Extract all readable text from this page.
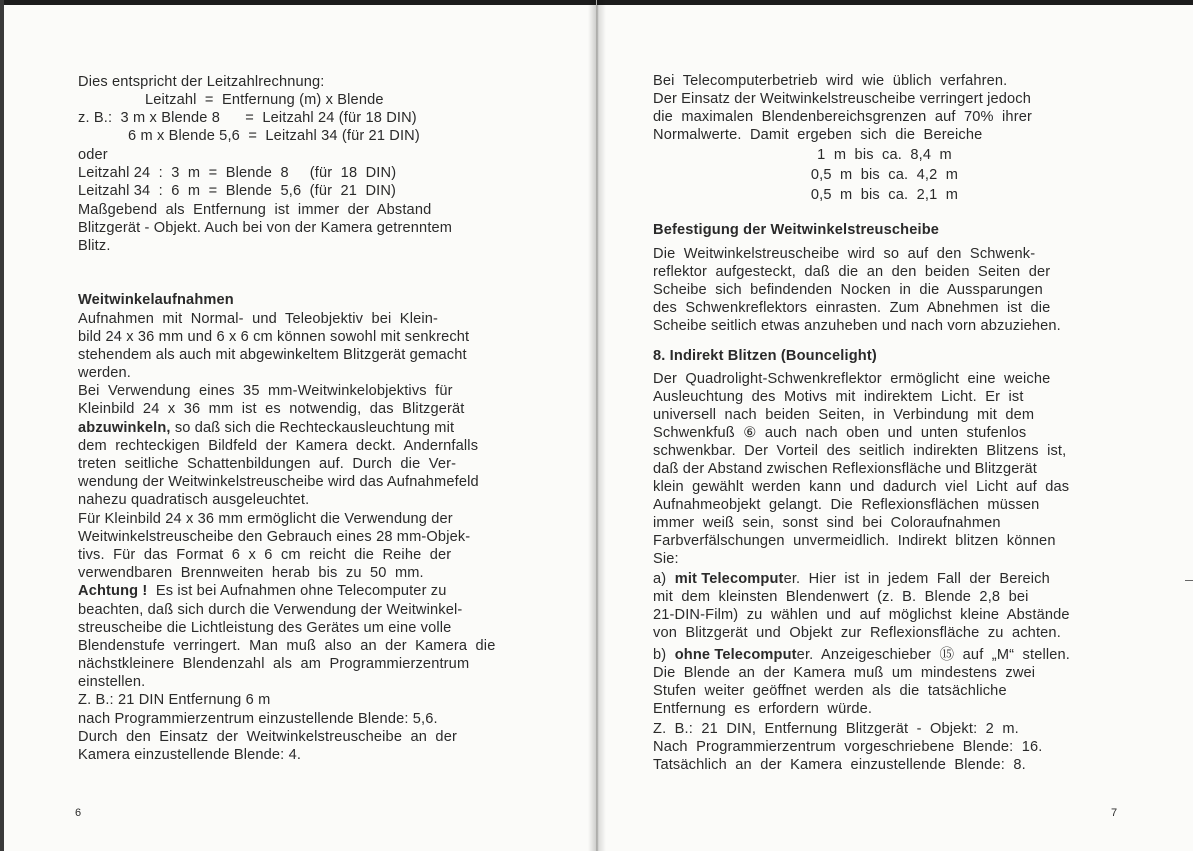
6
Dies entspricht der Leitzahlrechnung:
Leitzahl  =  Entfernung (m) x Blende
z. B.:  3 m x Blende 8      =  Leitzahl 24 (für 18 DIN)
6 m x Blende 5,6  =  Leitzahl 34 (für 21 DIN)
oder
Leitzahl 24  :  3  m  =  Blende  8     (für  18  DIN)
Leitzahl 34  :  6  m  =  Blende  5,6  (für  21  DIN)
Maßgebend  als  Entfernung  ist  immer  der  Abstand
Blitzgerät - Objekt. Auch bei von der Kamera getrenntem
Blitz.
Weitwinkelaufnahmen
Aufnahmen  mit  Normal-  und  Teleobjektiv  bei  Klein-
bild 24 x 36 mm und 6 x 6 cm können sowohl mit senkrecht
stehendem als auch mit abgewinkeltem Blitzgerät gemacht
werden.
Bei  Verwendung  eines  35  mm-Weitwinkelobjektivs  für
Kleinbild  24  x  36  mm  ist  es  notwendig,  das  Blitzgerät
abzuwinkeln, so daß sich die Rechteckausleuchtung mit
dem  rechteckigen  Bildfeld  der  Kamera  deckt.  Andernfalls
treten  seitliche  Schattenbildungen  auf.  Durch  die  Ver-
wendung der Weitwinkelstreuscheibe wird das Aufnahmefeld
nahezu quadratisch ausgeleuchtet.
Für Kleinbild 24 x 36 mm ermöglicht die Verwendung der
Weitwinkelstreuscheibe den Gebrauch eines 28 mm-Objek-
tivs.  Für  das  Format  6  x  6  cm  reicht  die  Reihe  der
verwendbaren  Brennweiten  herab  bis  zu  50  mm.
Achtung !  Es ist bei Aufnahmen ohne Telecomputer zu
beachten, daß sich durch die Verwendung der Weitwinkel-
streuscheibe die Lichtleistung des Gerätes um eine volle
Blendenstufe  verringert.  Man  muß  also  an  der  Kamera  die
nächstkleinere  Blendenzahl  als  am  Programmierzentrum
einstellen.
Z. B.: 21 DIN Entfernung 6 m
nach Programmierzentrum einzustellende Blende: 5,6.
Durch  den  Einsatz  der  Weitwinkelstreuscheibe  an  der
Kamera einzustellende Blende: 4.
7
Bei  Telecomputerbetrieb  wird  wie  üblich  verfahren.
Der Einsatz der Weitwinkelstreuscheibe verringert jedoch
die  maximalen  Blendenbereichsgrenzen  auf  70%  ihrer
Normalwerte.  Damit  ergeben  sich  die  Bereiche
1  m  bis  ca.  8,4  m
0,5  m  bis  ca.  4,2  m
0,5  m  bis  ca.  2,1  m
Befestigung der Weitwinkelstreuscheibe
Die  Weitwinkelstreuscheibe  wird  so  auf  den  Schwenk-
reflektor  aufgesteckt,  daß  die  an  den  beiden  Seiten  der
Scheibe  sich  befindenden  Nocken  in  die  Aussparungen
des  Schwenkreflektors  einrasten.  Zum  Abnehmen  ist  die
Scheibe seitlich etwas anzuheben und nach vorn abzuziehen.
8. Indirekt Blitzen (Bouncelight)
Der  Quadrolight-Schwenkreflektor  ermöglicht  eine  weiche
Ausleuchtung  des  Motivs  mit  indirektem  Licht.  Er  ist
universell  nach  beiden  Seiten,  in  Verbindung  mit  dem
Schwenkfuß  ⑥  auch  nach  oben  und  unten  stufenlos
schwenkbar.  Der  Vorteil  des  seitlich  indirekten  Blitzens  ist,
daß der Abstand zwischen Reflexionsfläche und Blitzgerät
klein  gewählt  werden  kann  und  dadurch  viel  Licht  auf  das
Aufnahmeobjekt  gelangt.  Die  Reflexionsflächen  müssen
immer  weiß  sein,  sonst  sind  bei  Coloraufnahmen
Farbverfälschungen  unvermeidlich.  Indirekt  blitzen  können
Sie:
a)  mit Telecomputer.  Hier  ist  in  jedem  Fall  der  Bereich
mit  dem  kleinsten  Blendenwert  (z.  B.  Blende  2,8  bei
21-DIN-Film)  zu  wählen  und  auf  möglichst  kleine  Abstände
von  Blitzgerät  und  Objekt  zur  Reflexionsfläche  zu  achten.
b)  ohne Telecomputer.  Anzeigeschieber  ⑮  auf  „M“  stellen.
Die  Blende  an  der  Kamera  muß  um  mindestens  zwei
Stufen  weiter  geöffnet  werden  als  die  tatsächliche
Entfernung  es  erfordern  würde.
Z.  B.:  21  DIN,  Entfernung  Blitzgerät  -  Objekt:  2  m.
Nach  Programmierzentrum  vorgeschriebene  Blende:  16.
Tatsächlich  an  der  Kamera  einzustellende  Blende:  8.
